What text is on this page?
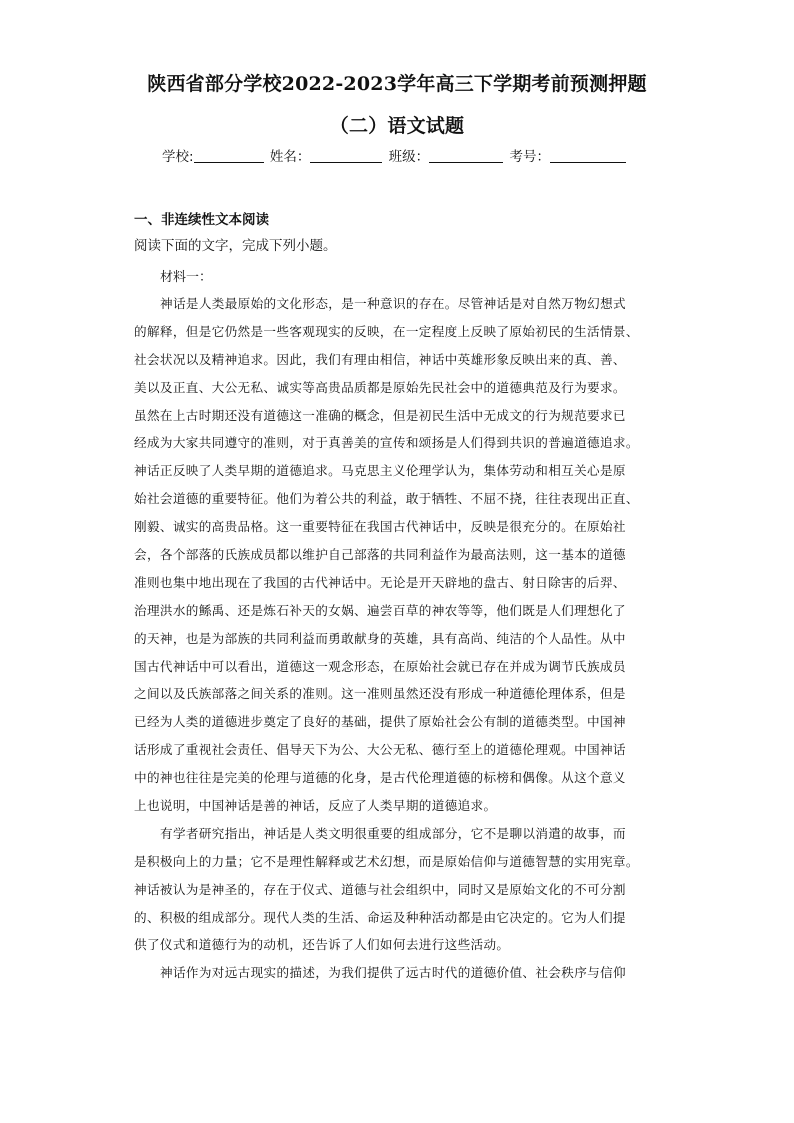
陕西省部分学校2022-2023学年高三下学期考前预测押题
（二）语文试题
学校:	姓名：	班级：	考号：
一、非连续性文本阅读
阅读下面的文字，完成下列小题。
材料一：
神话是人类最原始的文化形态，是一种意识的存在。尽管神话是对自然万物幻想式
的解释，但是它仍然是一些客观现实的反映，在一定程度上反映了原始初民的生活情景、
社会状况以及精神追求。因此，我们有理由相信，神话中英雄形象反映出来的真、善、
美以及正直、大公无私、诚实等高贵品质都是原始先民社会中的道德典范及行为要求。
虽然在上古时期还没有道德这一准确的概念，但是初民生活中无成文的行为规范要求已
经成为大家共同遵守的准则，对于真善美的宣传和颂扬是人们得到共识的普遍道德追求。
神话正反映了人类早期的道德追求。马克思主义伦理学认为，集体劳动和相互关心是原
始社会道德的重要特征。他们为着公共的利益，敢于牺牲、不屈不挠，往往表现出正直、
刚毅、诚实的高贵品格。这一重要特征在我国古代神话中，反映是很充分的。在原始社
会，各个部落的氏族成员都以维护自己部落的共同利益作为最高法则，这一基本的道德
准则也集中地出现在了我国的古代神话中。无论是开天辟地的盘古、射日除害的后羿、
治理洪水的鲧禹、还是炼石补天的女娲、遍尝百草的神农等等，他们既是人们理想化了
的天神，也是为部族的共同利益而勇敢献身的英雄，具有高尚、纯洁的个人品性。从中
国古代神话中可以看出，道德这一观念形态，在原始社会就已存在并成为调节氏族成员
之间以及氏族部落之间关系的准则。这一准则虽然还没有形成一种道德伦理体系，但是
已经为人类的道德进步奠定了良好的基础，提供了原始社会公有制的道德类型。中国神
话形成了重视社会责任、倡导天下为公、大公无私、德行至上的道德伦理观。中国神话
中的神也往往是完美的伦理与道德的化身，是古代伦理道德的标榜和偶像。从这个意义
上也说明，中国神话是善的神话，反应了人类早期的道德追求。
有学者研究指出，神话是人类文明很重要的组成部分，它不是聊以消遣的故事，而
是积极向上的力量；它不是理性解释或艺术幻想，而是原始信仰与道德智慧的实用宪章。
神话被认为是神圣的，存在于仪式、道德与社会组织中，同时又是原始文化的不可分割
的、积极的组成部分。现代人类的生活、命运及种种活动都是由它决定的。它为人们提
供了仪式和道德行为的动机，还告诉了人们如何去进行这些活动。
神话作为对远古现实的描述，为我们提供了远古时代的道德价值、社会秩序与信仰
